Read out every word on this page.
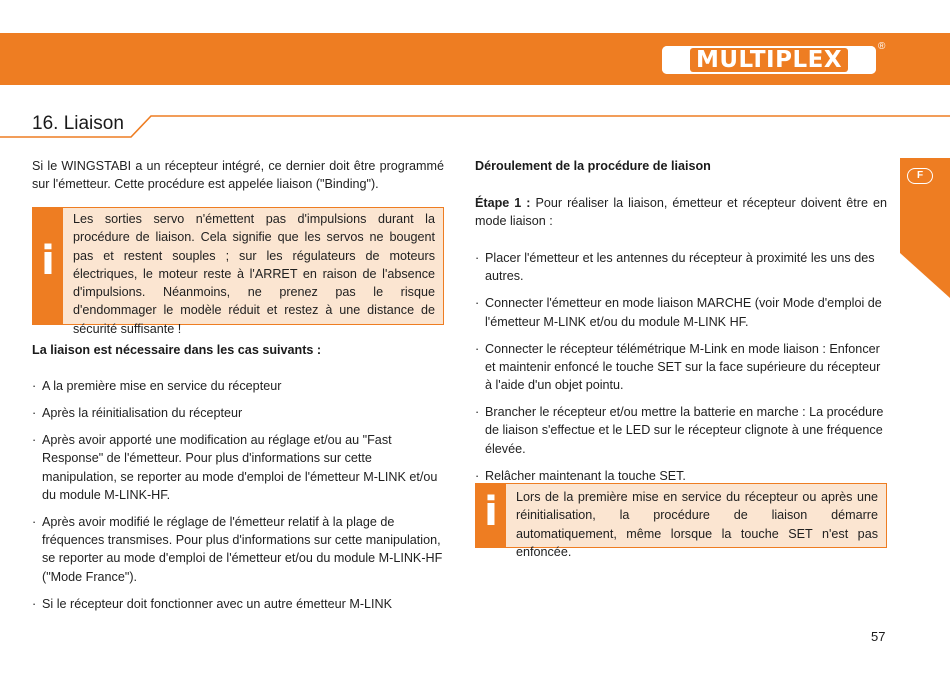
MULTIPLEX
®
16. Liaison
F
Si le WINGSTABI a un récepteur intégré, ce dernier doit être programmé sur l'émetteur. Cette procédure est appelée liaison ("Binding").
i
Les sorties servo n'émettent pas d'impulsions durant la procédure de liaison. Cela signifie que les servos ne bougent pas et restent souples ; sur les régulateurs de moteurs électriques, le moteur reste à l'ARRET en raison de l'absence d'impulsions. Néanmoins, ne prenez pas le risque d'endommager le modèle réduit et restez à une distance de sécurité suffisante !
La liaison est nécessaire dans les cas suivants :
· A la première mise en service du récepteur
· Après la réinitialisation du récepteur
· Après avoir apporté une modification au réglage et/ou au "Fast Response" de l'émetteur. Pour plus d'informations sur cette manipulation, se reporter au mode d'emploi de l'émetteur M-LINK et/ou du module M-LINK-HF.
· Après avoir modifié le réglage de l'émetteur relatif à la plage de fréquences transmises. Pour plus d'informations sur cette manipulation, se reporter au mode d'emploi de l'émetteur et/ou du module M-LINK-HF ("Mode France").
· Si le récepteur doit fonctionner avec un autre émetteur M-LINK
Déroulement de la procédure de liaison
Étape 1 : Pour réaliser la liaison, émetteur et récepteur doivent être en mode liaison :
· Placer l'émetteur et les antennes du récepteur à proximité les uns des autres.
· Connecter l'émetteur en mode liaison MARCHE (voir Mode d'emploi de l'émetteur M-LINK et/ou du module M-LINK HF.
· Connecter le récepteur télémétrique M-Link en mode liaison : Enfoncer et maintenir enfoncé le touche SET sur la face supérieure du récepteur à l'aide d'un objet pointu.
· Brancher le récepteur et/ou mettre la batterie en marche : La procédure de liaison s'effectue et le LED sur le récepteur clignote à une fréquence élevée.
· Relâcher maintenant la touche SET.
i	Lors de la première mise en service du récepteur ou après une réinitialisation, la procédure de liaison démarre automatiquement, même lorsque la touche SET n'est pas enfoncée.
57
